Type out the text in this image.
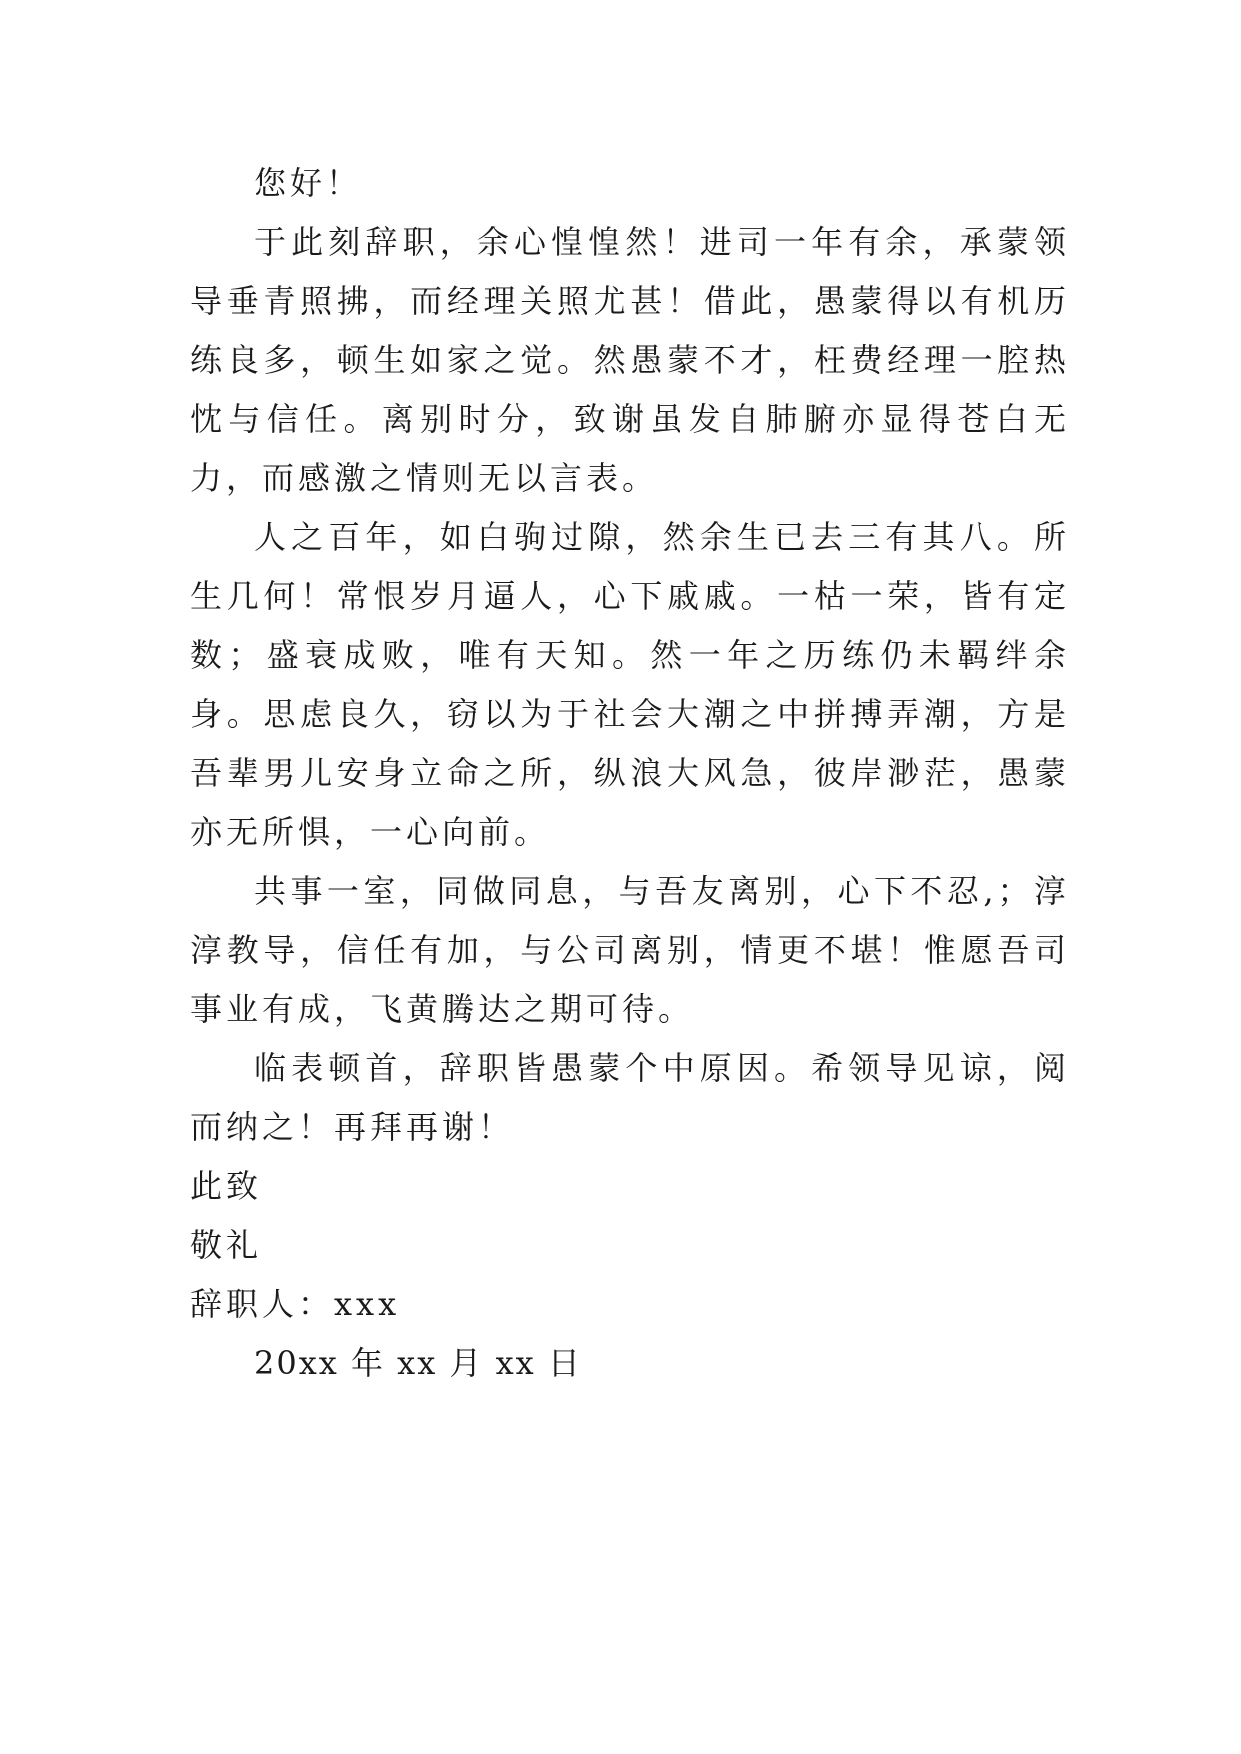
您好！

于此刻辞职，余心惶惶然！进司一年有余，承蒙领导垂青照拂，而经理关照尤甚！借此，愚蒙得以有机历练良多，顿生如家之觉。然愚蒙不才，枉费经理一腔热忱与信任。离别时分，致谢虽发自肺腑亦显得苍白无力，而感激之情则无以言表。

人之百年，如白驹过隙，然余生已去三有其八。所生几何！常恨岁月逼人，心下戚戚。一枯一荣，皆有定数；盛衰成败，唯有天知。然一年之历练仍未羁绊余身。思虑良久，窃以为于社会大潮之中拼搏弄潮，方是吾辈男儿安身立命之所，纵浪大风急，彼岸渺茫，愚蒙亦无所惧，一心向前。

共事一室，同做同息，与吾友离别，心下不忍,；淳淳教导，信任有加，与公司离别，情更不堪！惟愿吾司事业有成，飞黄腾达之期可待。

临表顿首，辞职皆愚蒙个中原因。希领导见谅，阅而纳之！再拜再谢！

此致

敬礼

辞职人：xxx

20xx 年 xx 月 xx 日
